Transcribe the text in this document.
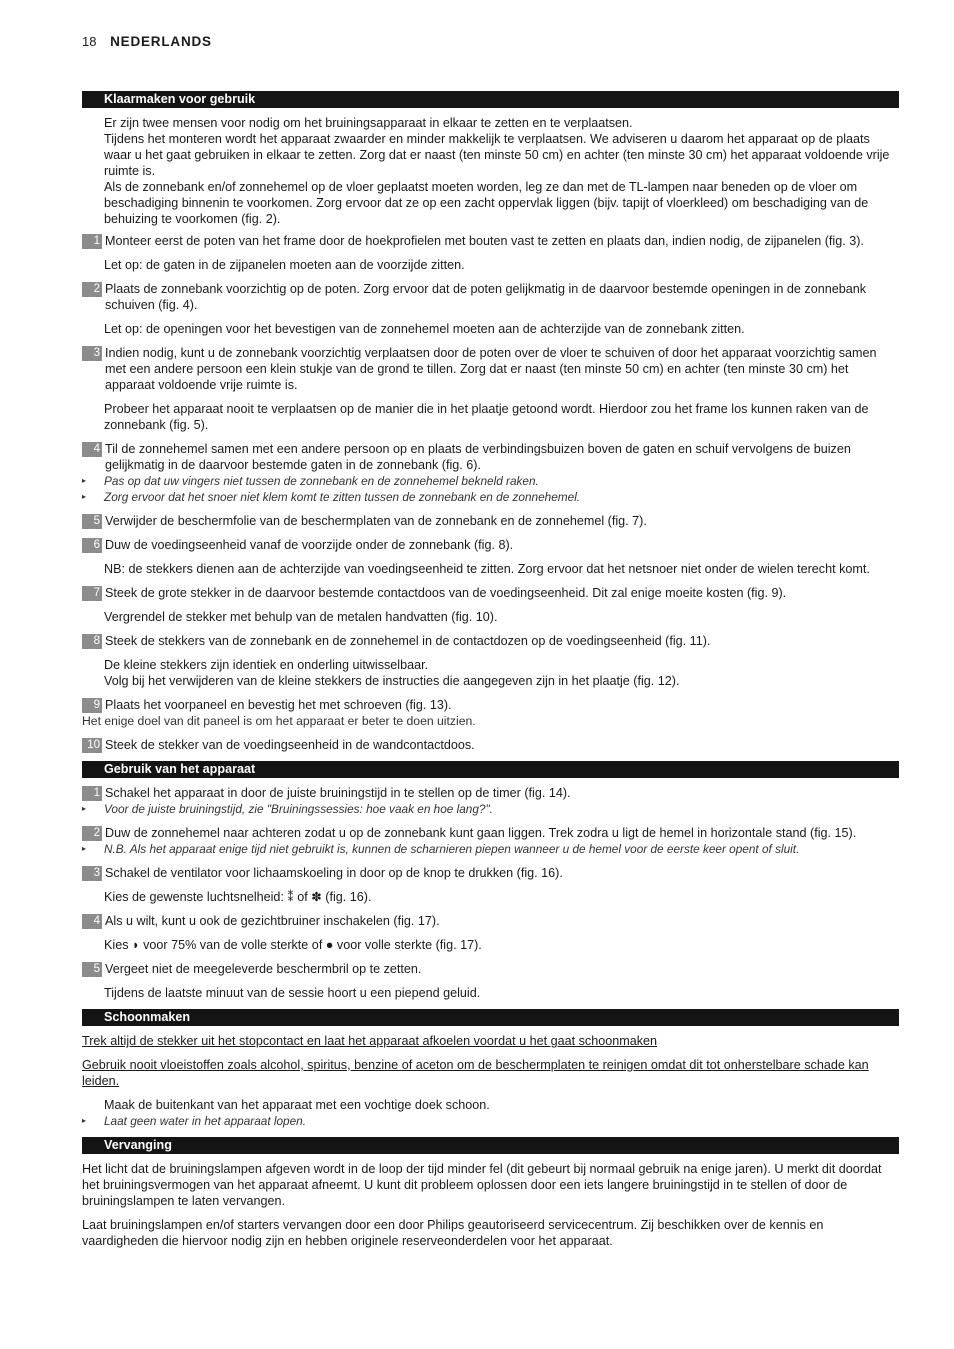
18 NEDERLANDS
Klaarmaken voor gebruik
Er zijn twee mensen voor nodig om het bruiningsapparaat in elkaar te zetten en te verplaatsen.
Tijdens het monteren wordt het apparaat zwaarder en minder makkelijk te verplaatsen. We adviseren u daarom het apparaat op de plaats waar u het gaat gebruiken in elkaar te zetten. Zorg dat er naast (ten minste 50 cm) en achter (ten minste 30 cm) het apparaat voldoende vrije ruimte is.
Als de zonnebank en/of zonnehemel op de vloer geplaatst moeten worden, leg ze dan met de TL-lampen naar beneden op de vloer om beschadiging binnenin te voorkomen. Zorg ervoor dat ze op een zacht oppervlak liggen (bijv. tapijt of vloerkleed) om beschadiging van de behuizing te voorkomen (fig. 2).
1 Monteer eerst de poten van het frame door de hoekprofielen met bouten vast te zetten en plaats dan, indien nodig, de zijpanelen (fig. 3).
Let op: de gaten in de zijpanelen moeten aan de voorzijde zitten.
2 Plaats de zonnebank voorzichtig op de poten. Zorg ervoor dat de poten gelijkmatig in de daarvoor bestemde openingen in de zonnebank schuiven (fig. 4).
Let op: de openingen voor het bevestigen van de zonnehemel moeten aan de achterzijde van de zonnebank zitten.
3 Indien nodig, kunt u de zonnebank voorzichtig verplaatsen door de poten over de vloer te schuiven of door het apparaat voorzichtig samen met een andere persoon een klein stukje van de grond te tillen. Zorg dat er naast (ten minste 50 cm) en achter (ten minste 30 cm) het apparaat voldoende vrije ruimte is.
Probeer het apparaat nooit te verplaatsen op de manier die in het plaatje getoond wordt. Hierdoor zou het frame los kunnen raken van de zonnebank (fig. 5).
4 Til de zonnehemel samen met een andere persoon op en plaats de verbindingsbuizen boven de gaten en schuif vervolgens de buizen gelijkmatig in de daarvoor bestemde gaten in de zonnebank (fig. 6).
▸	Pas op dat uw vingers niet tussen de zonnebank en de zonnehemel bekneld raken.
▸	Zorg ervoor dat het snoer niet klem komt te zitten tussen de zonnebank en de zonnehemel.
5 Verwijder de beschermfolie van de beschermplaten van de zonnebank en de zonnehemel (fig. 7).
6 Duw de voedingseenheid vanaf de voorzijde onder de zonnebank (fig. 8).
NB: de stekkers dienen aan de achterzijde van voedingseenheid te zitten. Zorg ervoor dat het netsnoer niet onder de wielen terecht komt.
7 Steek de grote stekker in de daarvoor bestemde contactdoos van de voedingseenheid. Dit zal enige moeite kosten (fig. 9).
Vergrendel de stekker met behulp van de metalen handvatten (fig. 10).
8 Steek de stekkers van de zonnebank en de zonnehemel in de contactdozen op de voedingseenheid (fig. 11).
De kleine stekkers zijn identiek en onderling uitwisselbaar.
Volg bij het verwijderen van de kleine stekkers de instructies die aangegeven zijn in het plaatje (fig. 12).
9 Plaats het voorpaneel en bevestig het met schroeven (fig. 13).
Het enige doel van dit paneel is om het apparaat er beter te doen uitzien.
10 Steek de stekker van de voedingseenheid in de wandcontactdoos.
Gebruik van het apparaat
1 Schakel het apparaat in door de juiste bruiningstijd in te stellen op de timer (fig. 14).
▸	Voor de juiste bruiningstijd, zie "Bruiningssessies: hoe vaak en hoe lang?".
2 Duw de zonnehemel naar achteren zodat u op de zonnebank kunt gaan liggen. Trek zodra u ligt de hemel in horizontale stand (fig. 15).
▸	N.B. Als het apparaat enige tijd niet gebruikt is, kunnen de scharnieren piepen wanneer u de hemel voor de eerste keer opent of sluit.
3 Schakel de ventilator voor lichaamskoeling in door op de knop te drukken (fig. 16).
Kies de gewenste luchtsnelheid: ⁑ of ✽ (fig. 16).
4 Als u wilt, kunt u ook de gezichtbruiner inschakelen (fig. 17).
Kies ◗ voor 75% van de volle sterkte of ● voor volle sterkte (fig. 17).
5 Vergeet niet de meegeleverde beschermbril op te zetten.
Tijdens de laatste minuut van de sessie hoort u een piepend geluid.
Schoonmaken
Trek altijd de stekker uit het stopcontact en laat het apparaat afkoelen voordat u het gaat schoonmaken
Gebruik nooit vloeistoffen zoals alcohol, spiritus, benzine of aceton om de beschermplaten te reinigen omdat dit tot onherstelbare schade kan leiden.
Maak de buitenkant van het apparaat met een vochtige doek schoon.
▸	Laat geen water in het apparaat lopen.
Vervanging
Het licht dat de bruiningslampen afgeven wordt in de loop der tijd minder fel (dit gebeurt bij normaal gebruik na enige jaren). U merkt dit doordat het bruiningsvermogen van het apparaat afneemt. U kunt dit probleem oplossen door een iets langere bruiningstijd in te stellen of door de bruiningslampen te laten vervangen.
Laat bruiningslampen en/of starters vervangen door een door Philips geautoriseerd servicecentrum. Zij beschikken over de kennis en vaardigheden die hiervoor nodig zijn en hebben originele reserveonderdelen voor het apparaat.
